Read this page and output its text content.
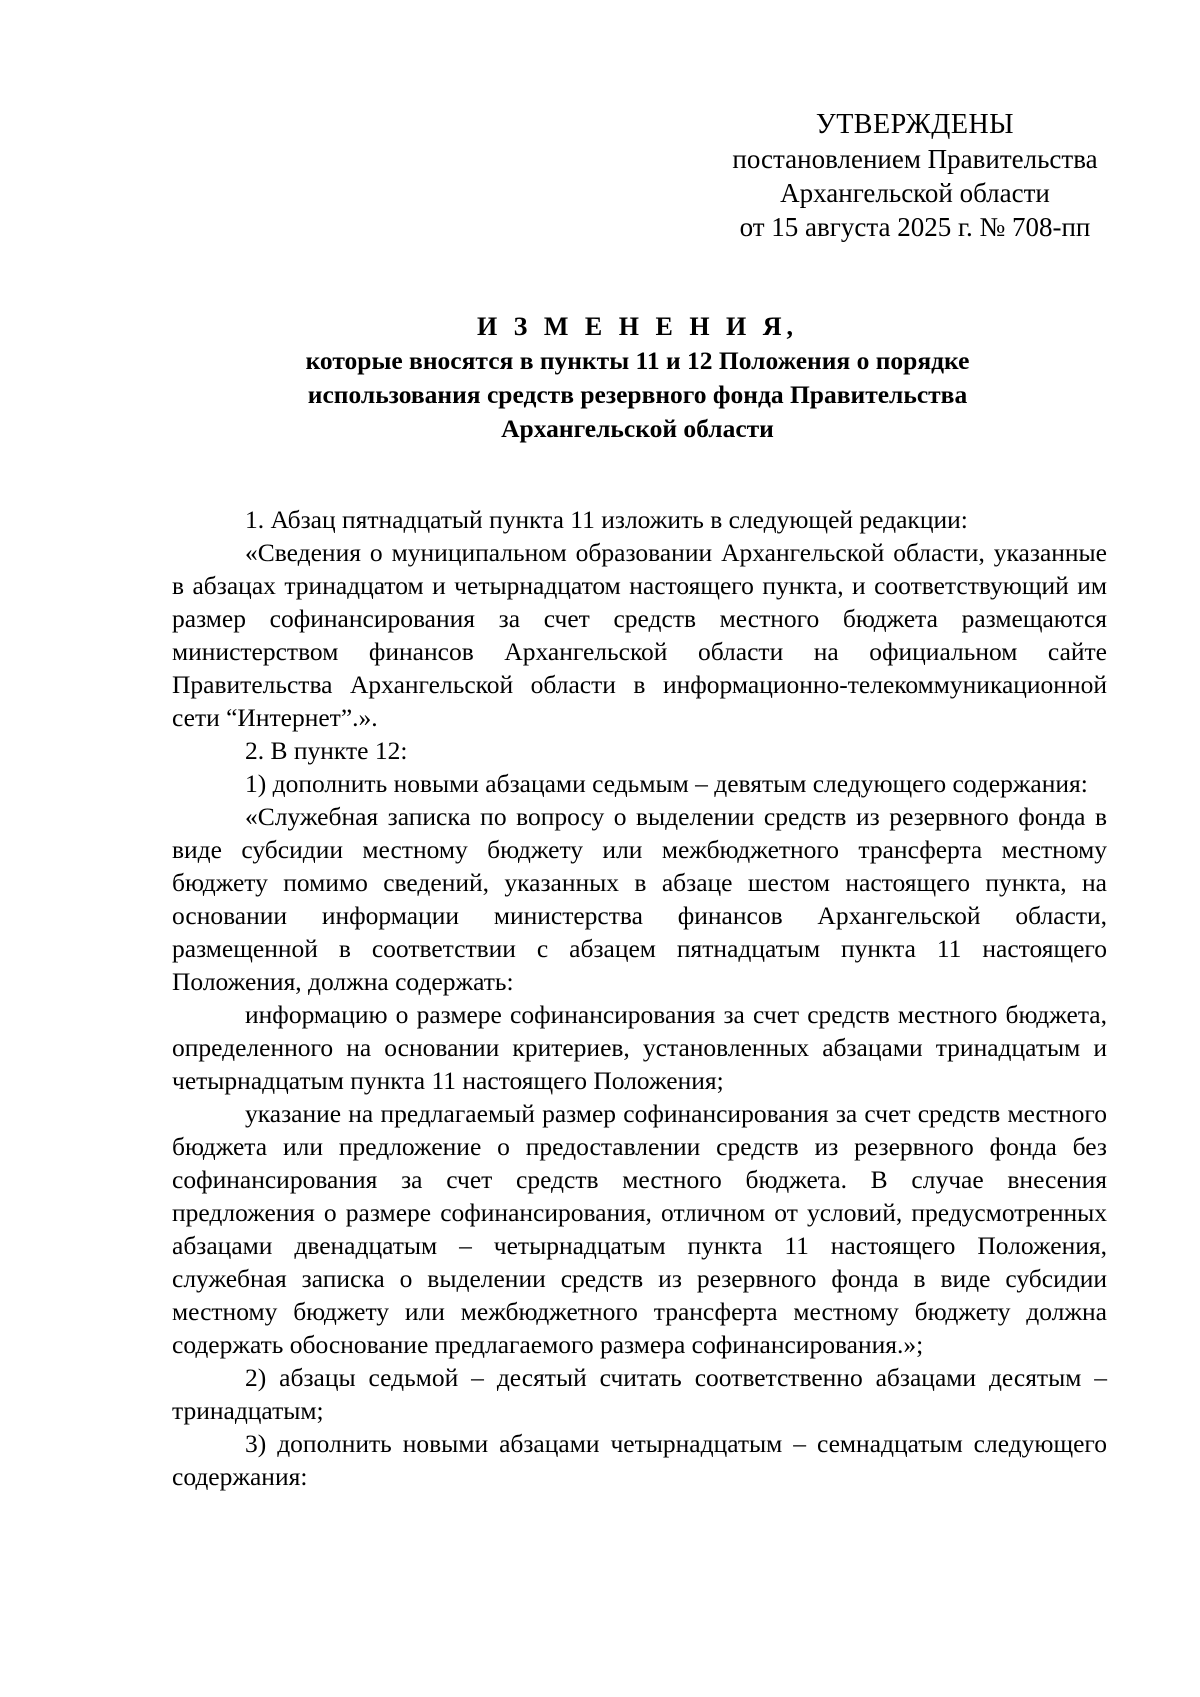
УТВЕРЖДЕНЫ
постановлением Правительства
Архангельской области
от 15 августа 2025 г. № 708-пп
И З М Е Н Е Н И Я,
которые вносятся в пункты 11 и 12 Положения о порядке
использования средств резервного фонда Правительства
Архангельской области

1. Абзац пятнадцатый пункта 11 изложить в следующей редакции:

«Сведения о муниципальном образовании Архангельской области, указанные в абзацах тринадцатом и четырнадцатом настоящего пункта, и соответствующий им размер софинансирования за счет средств местного бюджета размещаются министерством финансов Архангельской области на официальном сайте Правительства Архангельской области в информационно-телекоммуникационной сети “Интернет”.».

2. В пункте 12:

1) дополнить новыми абзацами седьмым – девятым следующего содержания:

«Служебная записка по вопросу о выделении средств из резервного фонда в виде субсидии местному бюджету или межбюджетного трансферта местному бюджету помимо сведений, указанных в абзаце шестом настоящего пункта, на основании информации министерства финансов Архангельской области, размещенной в соответствии с абзацем пятнадцатым пункта 11 настоящего Положения, должна содержать:

информацию о размере софинансирования за счет средств местного бюджета, определенного на основании критериев, установленных абзацами тринадцатым и четырнадцатым пункта 11 настоящего Положения;

указание на предлагаемый размер софинансирования за счет средств местного бюджета или предложение о предоставлении средств из резервного фонда без софинансирования за счет средств местного бюджета. В случае внесения предложения о размере софинансирования, отличном от условий, предусмотренных абзацами двенадцатым – четырнадцатым пункта 11 настоящего Положения, служебная записка о выделении средств из резервного фонда в виде субсидии местному бюджету или межбюджетного трансферта местному бюджету должна содержать обоснование предлагаемого размера софинансирования.»;

2) абзацы седьмой – десятый считать соответственно абзацами десятым – тринадцатым;

3) дополнить новыми абзацами четырнадцатым – семнадцатым следующего содержания:
